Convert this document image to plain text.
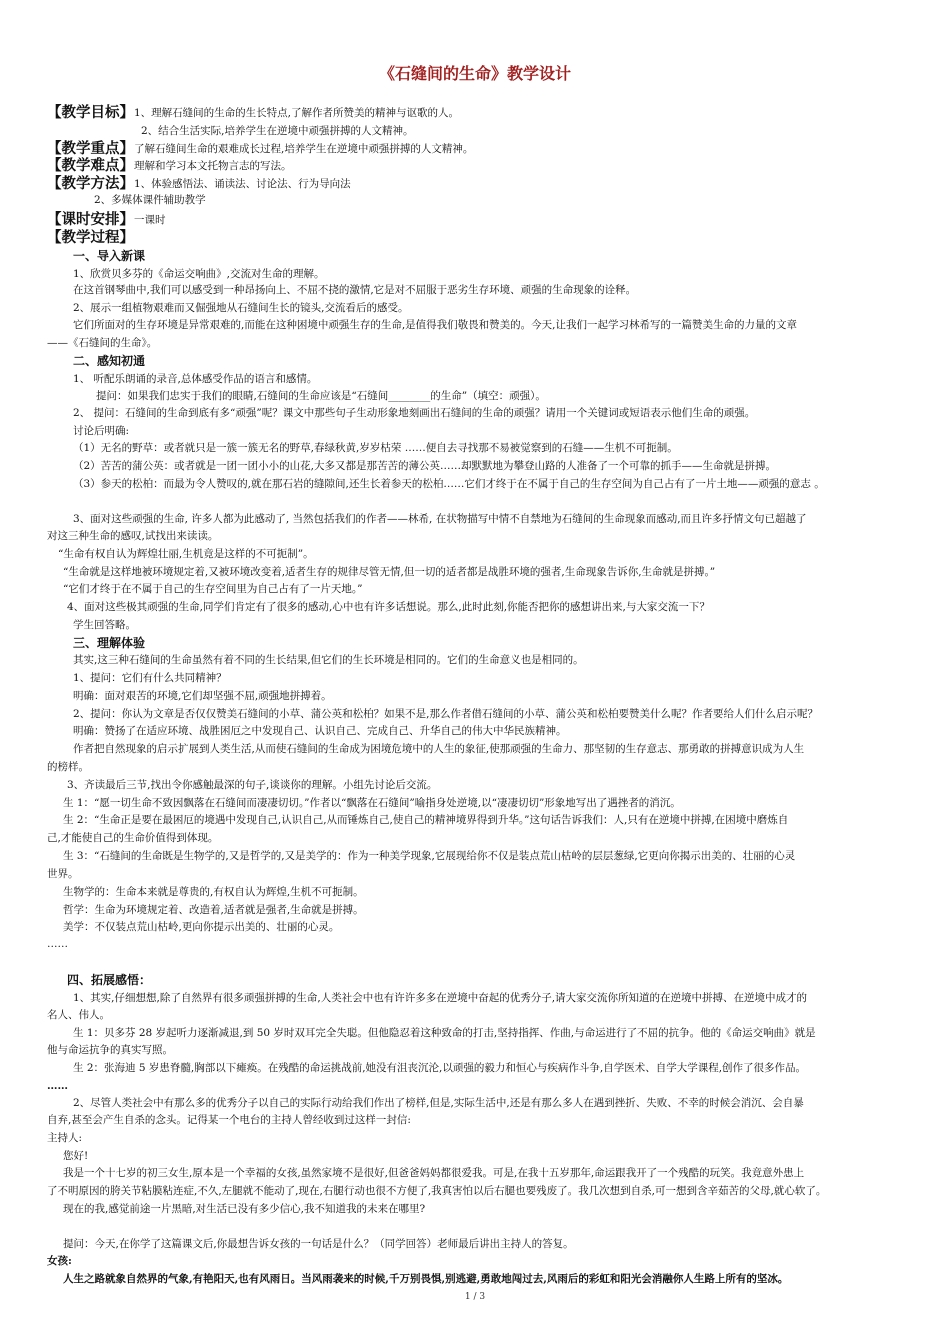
《石缝间的生命》教学设计
【教学目标】1、理解石缝间的生命的生长特点,了解作者所赞美的精神与讴歌的人。
2、结合生活实际,培养学生在逆境中顽强拼搏的人文精神。
【教学重点】了解石缝间生命的艰难成长过程,培养学生在逆境中顽强拼搏的人文精神。
【教学难点】理解和学习本文托物言志的写法。
【教学方法】1、体验感悟法、诵读法、讨论法、行为导向法
2、多媒体课件辅助教学
【课时安排】一课时
【教学过程】
一、导入新课
1、欣赏贝多芬的《命运交响曲》,交流对生命的理解。
在这首钢琴曲中,我们可以感受到一种昂扬向上、不屈不挠的激情,它是对不屈服于恶劣生存环境、顽强的生命现象的诠释。
2、展示一组植物艰难而又倔强地从石缝间生长的镜头,交流看后的感受。
它们所面对的生存环境是异常艰难的,而能在这种困境中顽强生存的生命,是值得我们敬畏和赞美的。今天,让我们一起学习林希写的一篇赞美生命的力量的文章
——《石缝间的生命》。
二、感知初通
1、 听配乐朗诵的录音,总体感受作品的语言和感情。
提问：如果我们忠实于我们的眼睛,石缝间的生命应该是“石缝间________的生命”（填空：顽强）。
2、 提问：石缝间的生命到底有多“顽强”呢？课文中那些句子生动形象地刻画出石缝间的生命的顽强？请用一个关键词或短语表示他们生命的顽强。
讨论后明确:
（1）无名的野草：或者就只是一簇一簇无名的野草,春绿秋黄,岁岁枯荣 ……便自去寻找那不易被觉察到的石缝——生机不可扼制。
（2）苦苦的蒲公英：或者就是一团一团小小的山花,大多又都是那苦苦的薄公英……却默默地为攀登山路的人准备了一个可靠的抓手——生命就是拼搏。
（3）参天的松柏：而最为令人赞叹的,就在那石岩的缝隙间,还生长着参天的松柏……它们才终于在不属于自己的生存空间为自己占有了一片土地——顽强的意志 。
3、面对这些顽强的生命, 许多人都为此感动了, 当然包括我们的作者——林希, 在状物描写中情不自禁地为石缝间的生命现象而感动,而且许多抒情文句已超越了
对这三种生命的感叹,试找出来读读。
“生命有权自认为辉煌壮丽,生机竟是这样的不可扼制”。
“生命就是这样地被环境规定着,又被环境改变着,适者生存的规律尽管无情,但一切的适者都是战胜环境的强者,生命现象告诉你,生命就是拼搏。”
“它们才终于在不属于自己的生存空间里为自己占有了一片天地。”
4、面对这些极其顽强的生命,同学们肯定有了很多的感动,心中也有许多话想说。那么,此时此刻,你能否把你的感想讲出来,与大家交流一下？
学生回答略。
三、理解体验
其实,这三种石缝间的生命虽然有着不同的生长结果,但它们的生长环境是相同的。它们的生命意义也是相同的。
1、提问：它们有什么共同精神？
明确：面对艰苦的环境,它们却坚强不屈,顽强地拼搏着。
2、提问：你认为文章是否仅仅赞美石缝间的小草、蒲公英和松柏？如果不是,那么作者借石缝间的小草、蒲公英和松柏要赞美什么呢？作者要给人们什么启示呢？
明确：赞扬了在适应环境、战胜困厄之中发现自己、认识自己、完成自己、升华自己的伟大中华民族精神。
作者把自然现象的启示扩展到人类生活,从而使石缝间的生命成为困境危境中的人生的象征,使那顽强的生命力、那坚韧的生存意志、那勇敢的拼搏意识成为人生
的榜样。
3、齐读最后三节,找出令你感触最深的句子,谈谈你的理解。小组先讨论后交流。
生 1：“愿一切生命不致因飘落在石缝间而凄凄切切。”作者以“飘落在石缝间”喻指身处逆境,以“凄凄切切”形象地写出了遇挫者的消沉。
生 2：“生命正是要在最困厄的境遇中发现自己,认识自己,从而锤炼自己,使自己的精神境界得到升华。”这句话告诉我们：人,只有在逆境中拼搏,在困境中磨炼自
己,才能使自己的生命价值得到体现。
生 3：“石缝间的生命既是生物学的,又是哲学的,又是美学的：作为一种美学现象,它展现给你不仅是装点荒山枯岭的层层葱绿,它更向你揭示出美的、壮丽的心灵
世界。
生物学的：生命本来就是尊贵的,有权自认为辉煌,生机不可扼制。
哲学：生命为环境规定着、改造着,适者就是强者,生命就是拼搏。
美学：不仅装点荒山枯岭,更向你提示出美的、壮丽的心灵。
……
四、拓展感悟：
1、其实,仔细想想,除了自然界有很多顽强拼搏的生命,人类社会中也有许许多多在逆境中奋起的优秀分子,请大家交流你所知道的在逆境中拼搏、在逆境中成才的
名人、伟人。
生 1：贝多芬 28 岁起听力逐渐减退,到 50 岁时双耳完全失聪。但他隐忍着这种致命的打击,坚持指挥、作曲,与命运进行了不屈的抗争。他的《命运交响曲》就是
他与命运抗争的真实写照。
生 2：张海迪 5 岁患脊髓,胸部以下瘫痪。在残酷的命运挑战前,她没有沮丧沉沦,以顽强的毅力和恒心与疾病作斗争,自学医术、自学大学课程,创作了很多作品。
……
2、尽管人类社会中有那么多的优秀分子以自己的实际行动给我们作出了榜样,但是,实际生活中,还是有那么多人在遇到挫折、失败、不幸的时候会消沉、会自暴
自弃,甚至会产生自杀的念头。记得某一个电台的主持人曾经收到过这样一封信:
主持人:
您好!
我是一个十七岁的初三女生,原本是一个幸福的女孩,虽然家境不是很好,但爸爸妈妈都很爱我。可是,在我十五岁那年,命运跟我开了一个残酷的玩笑。我竟意外患上
了不明原因的胯关节粘膜粘连症,不久,左腿就不能动了,现在,右腿行动也很不方便了,我真害怕以后右腿也要残废了。我几次想到自杀,可一想到含辛茹苦的父母,就心软了。
现在的我,感觉前途一片黑暗,对生活已没有多少信心,我不知道我的未来在哪里?
提问：今天,在你学了这篇课文后,你最想告诉女孩的一句话是什么？（同学回答）老师最后讲出主持人的答复。
女孩:
人生之路就象自然界的气象,有艳阳天,也有风雨日。当风雨袭来的时候,千万别畏惧,别逃避,勇敢地闯过去,风雨后的彩虹和阳光会消融你人生路上所有的坚冰。
1 / 3
